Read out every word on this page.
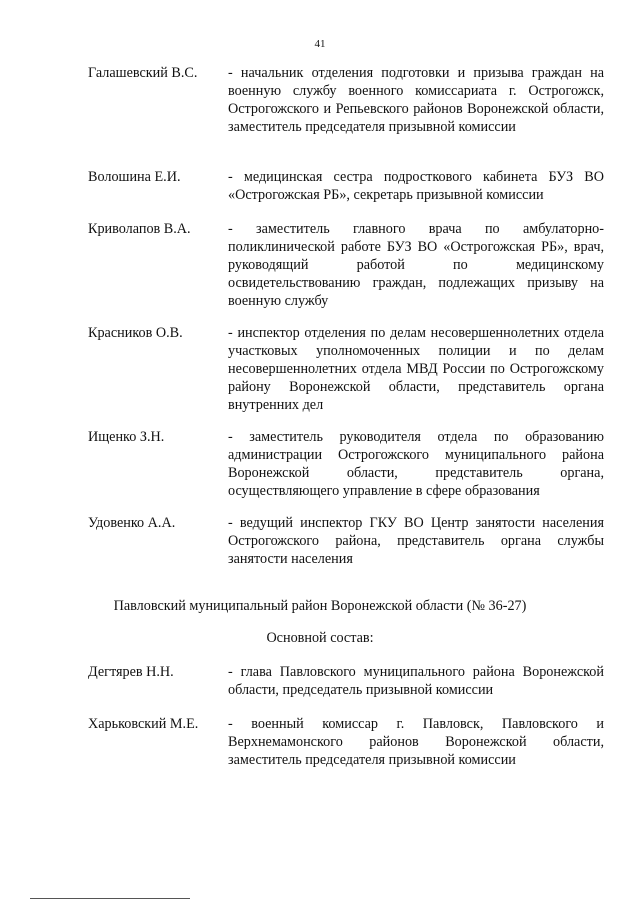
41
Галашевский В.С. - начальник отделения подготовки и призыва граждан на военную службу военного комиссариата г. Острогожск, Острогожского и Репьевского районов Воронежской области, заместитель председателя призывной комиссии
Волошина Е.И.	- медицинская сестра подросткового кабинета БУЗ ВО «Острогожская РБ», секретарь призывной комиссии
Криволапов В.А.	- заместитель главного врача по амбулаторно-поликлинической работе БУЗ ВО «Острогожская РБ», врач, руководящий работой по медицинскому освидетельствованию граждан, подлежащих призыву на военную службу
Красников О.В.	- инспектор отделения по делам несовершеннолетних отдела участковых уполномоченных полиции и по делам несовершеннолетних отдела МВД России по Острогожскому району Воронежской области, представитель органа внутренних дел
Ищенко З.Н.	- заместитель руководителя отдела по образованию администрации Острогожского муниципального района Воронежской области, представитель органа, осуществляющего управление в сфере образования
Удовенко А.А.	- ведущий инспектор ГКУ ВО Центр занятости населения Острогожского района, представитель органа службы занятости населения
Павловский муниципальный район Воронежской области (№ 36-27)
Основной состав:
Дегтярев Н.Н.	- глава Павловского муниципального района Воронежской области, председатель призывной комиссии
Харьковский М.Е. - военный комиссар г. Павловск, Павловского и Верхнемамонского районов Воронежской области, заместитель председателя призывной комиссии
